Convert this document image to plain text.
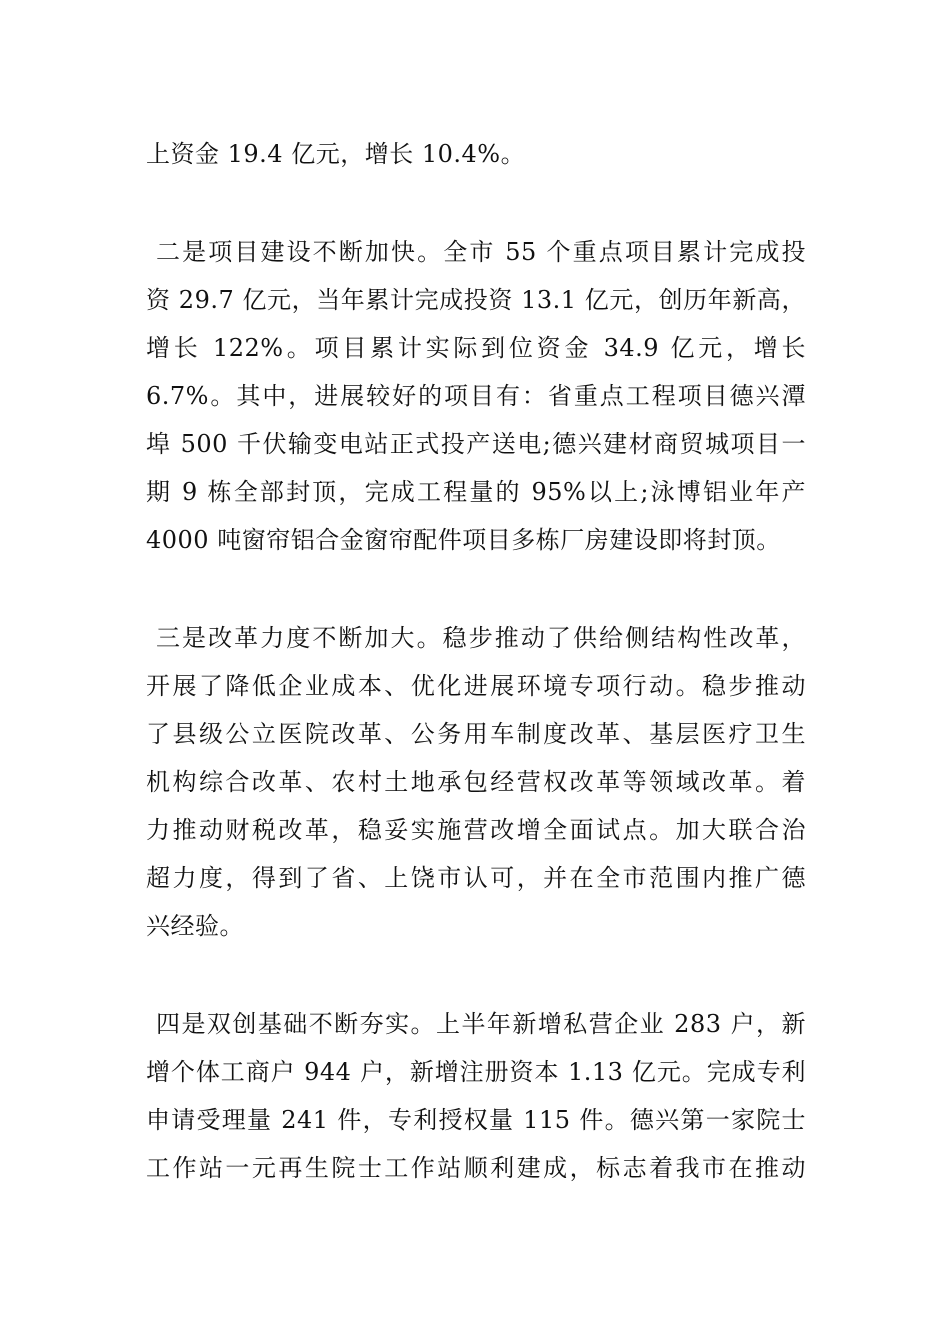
上资金 19.4 亿元，增长 10.4%。
二是项目建设不断加快。全市 55 个重点项目累计完成投
资 29.7 亿元，当年累计完成投资 13.1 亿元，创历年新高，
增长 122%。项目累计实际到位资金 34.9 亿元，增长
6.7%。其中，进展较好的项目有：省重点工程项目德兴潭
埠 500 千伏输变电站正式投产送电;德兴建材商贸城项目一
期 9 栋全部封顶，完成工程量的 95%以上;泳博铝业年产
4000 吨窗帘铝合金窗帘配件项目多栋厂房建设即将封顶。
三是改革力度不断加大。稳步推动了供给侧结构性改革，
开展了降低企业成本、优化进展环境专项行动。稳步推动
了县级公立医院改革、公务用车制度改革、基层医疗卫生
机构综合改革、农村土地承包经营权改革等领域改革。着
力推动财税改革，稳妥实施营改增全面试点。加大联合治
超力度，得到了省、上饶市认可，并在全市范围内推广德
兴经验。
四是双创基础不断夯实。上半年新增私营企业 283 户，新
增个体工商户 944 户，新增注册资本 1.13 亿元。完成专利
申请受理量 241 件，专利授权量 115 件。德兴第一家院士
工作站一元再生院士工作站顺利建成，标志着我市在推动
